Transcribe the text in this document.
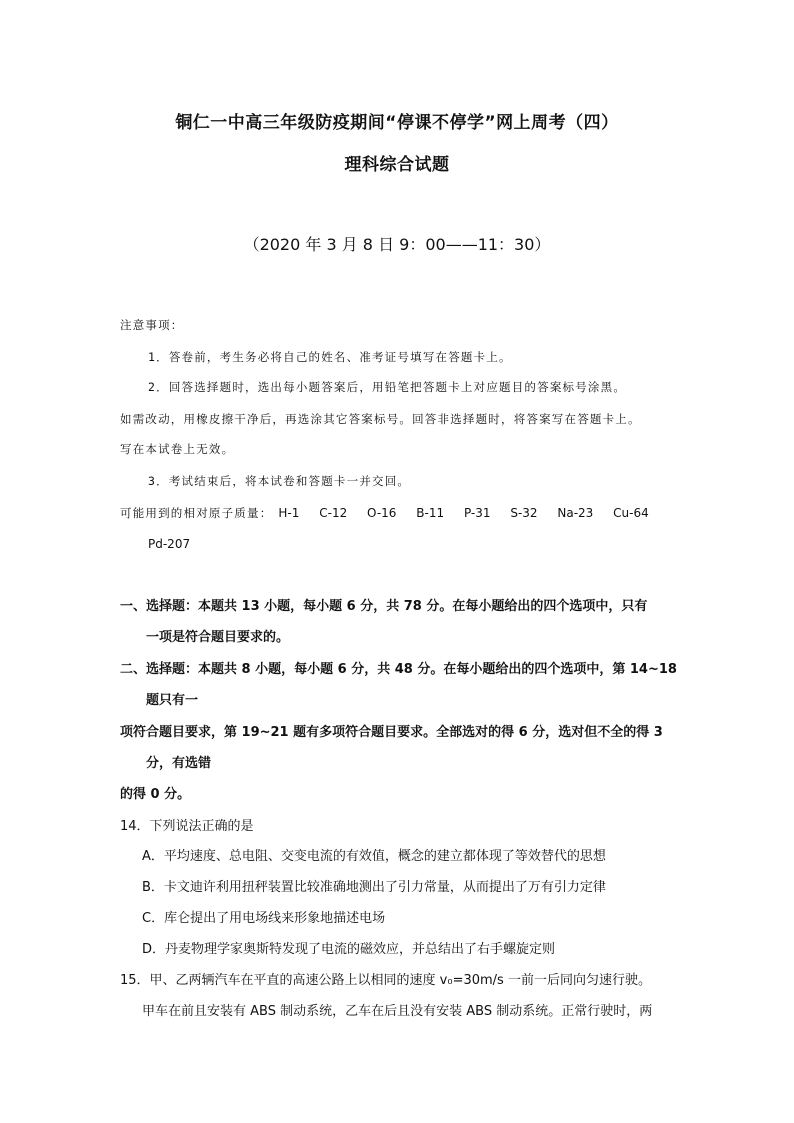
铜仁一中高三年级防疫期间“停课不停学”网上周考（四）
理科综合试题
（2020 年 3 月 8 日 9：00——11：30）
注意事项：
1．答卷前，考生务必将自己的姓名、准考证号填写在答题卡上。
2．回答选择题时，选出每小题答案后，用铅笔把答题卡上对应题目的答案标号涂黑。
如需改动，用橡皮擦干净后，再选涂其它答案标号。回答非选择题时，将答案写在答题卡上。
写在本试卷上无效。
3．考试结束后，将本试卷和答题卡一并交回。
可能用到的相对原子质量： H-1 C-12 O-16 B-11 P-31 S-32 Na-23 Cu-64
Pd-207
一、选择题：本题共 13 小题，每小题 6 分，共 78 分。在每小题给出的四个选项中，只有
一项是符合题目要求的。
二、选择题：本题共 8 小题，每小题 6 分，共 48 分。在每小题给出的四个选项中，第 14~18
题只有一
项符合题目要求，第 19~21 题有多项符合题目要求。全部选对的得 6 分，选对但不全的得 3
分，有选错
的得 0 分。
14．下列说法正确的是
A．平均速度、总电阻、交变电流的有效值，概念的建立都体现了等效替代的思想
B．卡文迪许利用扭秤装置比较准确地测出了引力常量，从而提出了万有引力定律
C．库仑提出了用电场线来形象地描述电场
D．丹麦物理学家奥斯特发现了电流的磁效应，并总结出了右手螺旋定则
15．甲、乙两辆汽车在平直的高速公路上以相同的速度 v₀=30m/s 一前一后同向匀速行驶。
甲车在前且安装有 ABS 制动系统，乙车在后且没有安装 ABS 制动系统。正常行驶时，两
